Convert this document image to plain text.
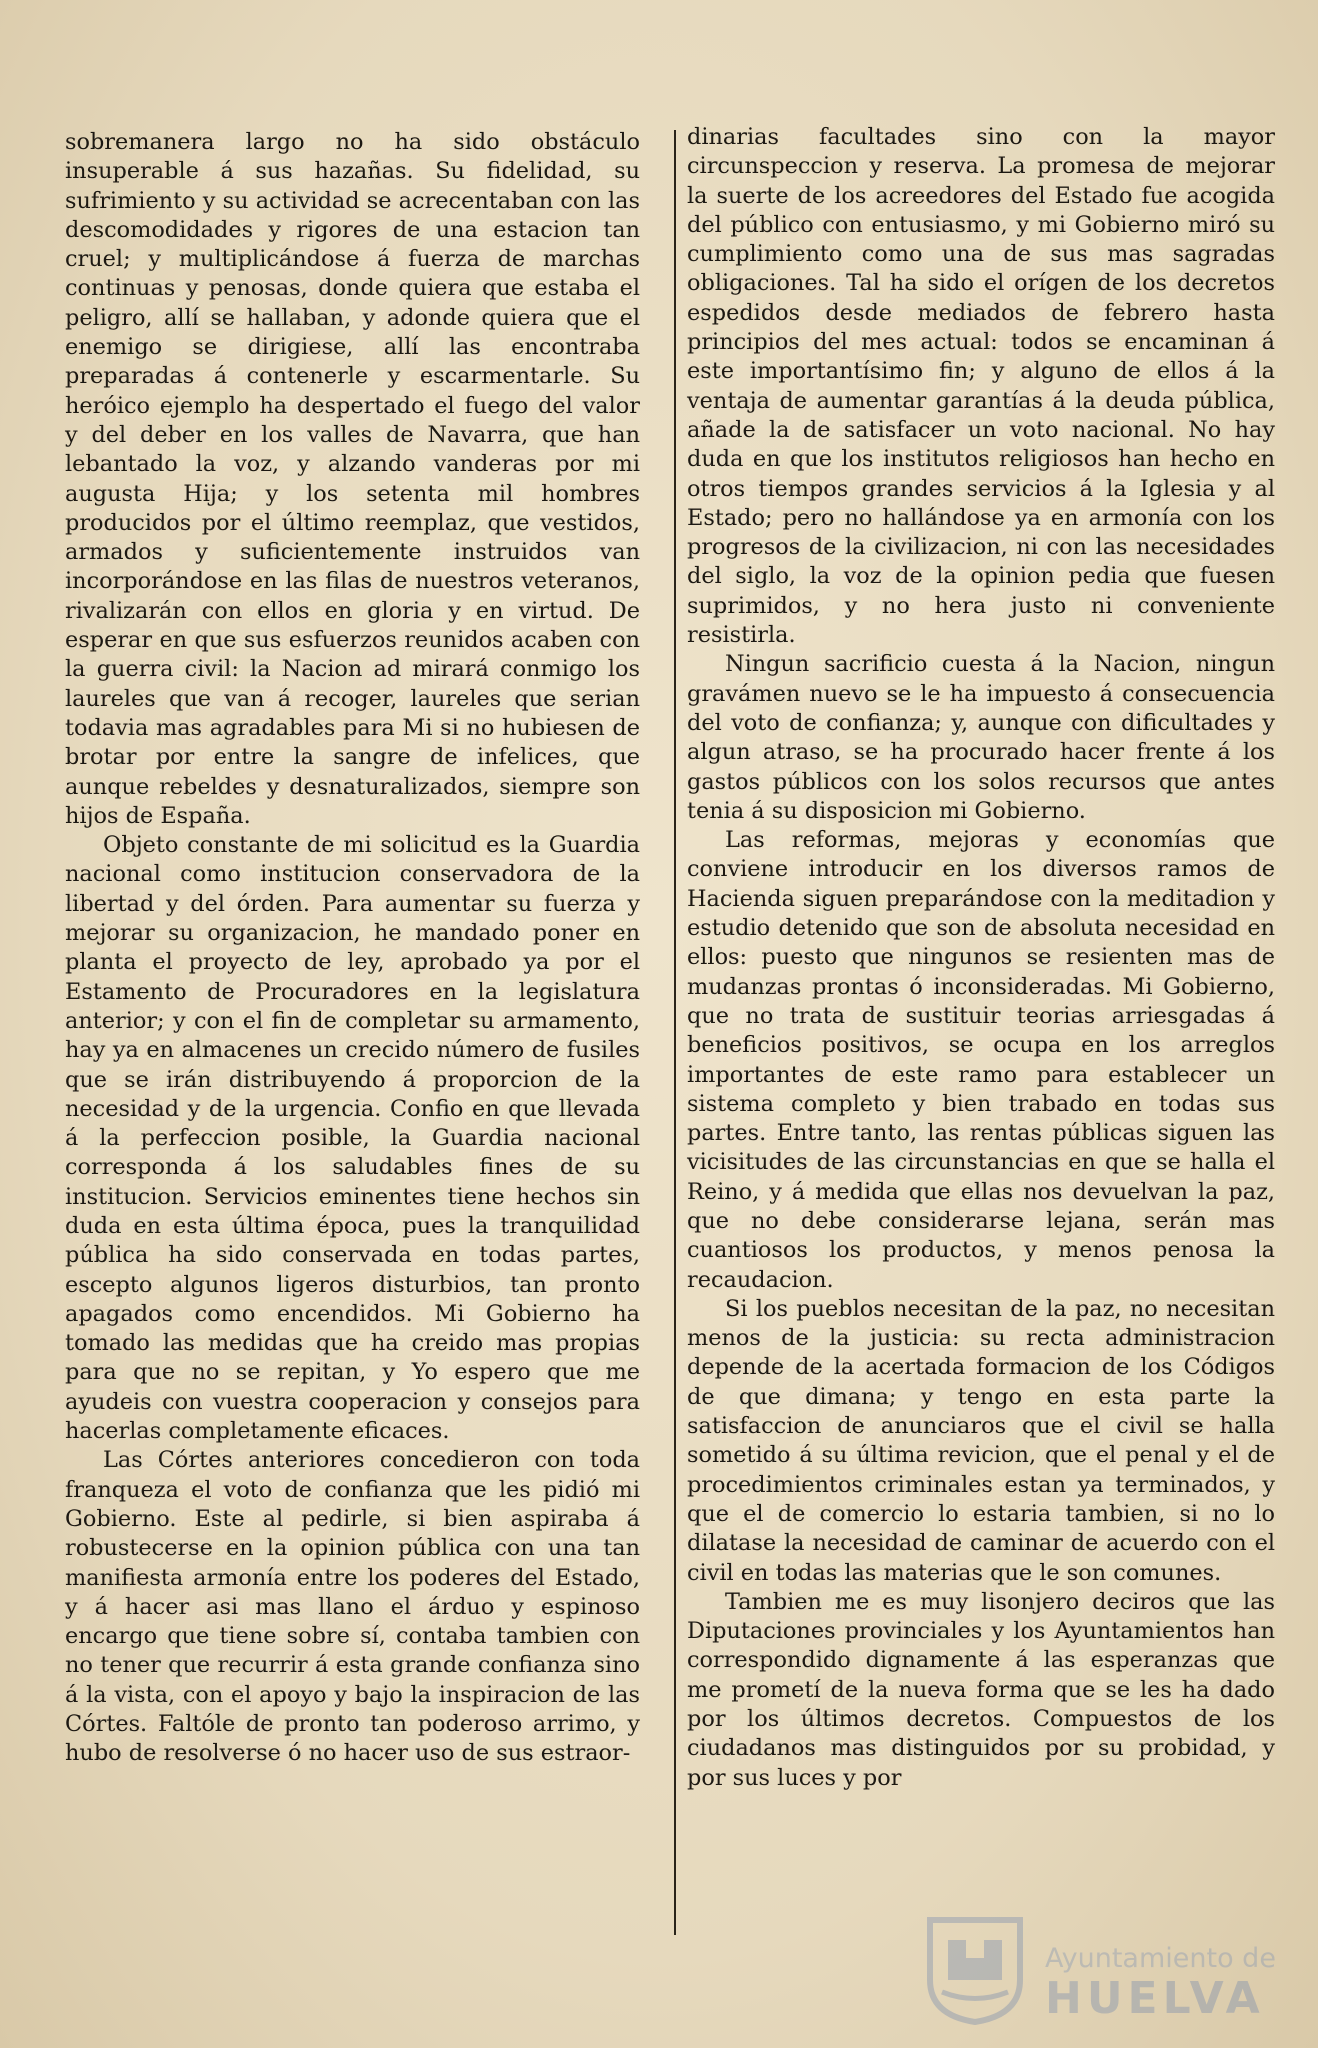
sobremanera largo no ha sido obstáculo insuperable á sus hazañas. Su fidelidad, su sufrimiento y su actividad se acrecentaban con las descomodidades y rigores de una estacion tan cruel; y multiplicándose á fuerza de marchas continuas y penosas, donde quiera que estaba el peligro, allí se hallaban, y adonde quiera que el enemigo se dirigiese, allí las encontraba preparadas á contenerle y escarmentarle. Su heróico ejemplo ha despertado el fuego del valor y del deber en los valles de Navarra, que han lebantado la voz, y alzando vanderas por mi augusta Hija; y los setenta mil hombres producidos por el último reemplaz, que vestidos, armados y suficientemente instruidos van incorporándose en las filas de nuestros veteranos, rivalizarán con ellos en gloria y en virtud. De esperar en que sus esfuerzos reunidos acaben con la guerra civil: la Nacion ad mirará conmigo los laureles que van á recoger, laureles que serian todavia mas agradables para Mi si no hubiesen de brotar por entre la sangre de infelices, que aunque rebeldes y desnaturalizados, siempre son hijos de España.

Objeto constante de mi solicitud es la Guardia nacional como institucion conservadora de la libertad y del órden. Para aumentar su fuerza y mejorar su organizacion, he mandado poner en planta el proyecto de ley, aprobado ya por el Estamento de Procuradores en la legislatura anterior; y con el fin de completar su armamento, hay ya en almacenes un crecido número de fusiles que se irán distribuyendo á proporcion de la necesidad y de la urgencia. Confio en que llevada á la perfeccion posible, la Guardia nacional corresponda á los saludables fines de su institucion. Servicios eminentes tiene hechos sin duda en esta última época, pues la tranquilidad pública ha sido conservada en todas partes, escepto algunos ligeros disturbios, tan pronto apagados como encendidos. Mi Gobierno ha tomado las medidas que ha creido mas propias para que no se repitan, y Yo espero que me ayudeis con vuestra cooperacion y consejos para hacerlas completamente eficaces.

Las Córtes anteriores concedieron con toda franqueza el voto de confianza que les pidió mi Gobierno. Este al pedirle, si bien aspiraba á robustecerse en la opinion pública con una tan manifiesta armonía entre los poderes del Estado, y á hacer asi mas llano el árduo y espinoso encargo que tiene sobre sí, contaba tambien con no tener que recurrir á esta grande confianza sino á la vista, con el apoyo y bajo la inspiracion de las Córtes. Faltóle de pronto tan poderoso arrimo, y hubo de resolverse ó no hacer uso de sus estraor-

dinarias facultades sino con la mayor circunspeccion y reserva. La promesa de mejorar la suerte de los acreedores del Estado fue acogida del público con entusiasmo, y mi Gobierno miró su cumplimiento como una de sus mas sagradas obligaciones. Tal ha sido el orígen de los decretos espedidos desde mediados de febrero hasta principios del mes actual: todos se encaminan á este importantísimo fin; y alguno de ellos á la ventaja de aumentar garantías á la deuda pública, añade la de satisfacer un voto nacional. No hay duda en que los institutos religiosos han hecho en otros tiempos grandes servicios á la Iglesia y al Estado; pero no hallándose ya en armonía con los progresos de la civilizacion, ni con las necesidades del siglo, la voz de la opinion pedia que fuesen suprimidos, y no hera justo ni conveniente resistirla.

Ningun sacrificio cuesta á la Nacion, ningun gravámen nuevo se le ha impuesto á consecuencia del voto de confianza; y, aunque con dificultades y algun atraso, se ha procurado hacer frente á los gastos públicos con los solos recursos que antes tenia á su disposicion mi Gobierno.

Las reformas, mejoras y economías que conviene introducir en los diversos ramos de Hacienda siguen preparándose con la meditadion y estudio detenido que son de absoluta necesidad en ellos: puesto que ningunos se resienten mas de mudanzas prontas ó inconsideradas. Mi Gobierno, que no trata de sustituir teorias arriesgadas á beneficios positivos, se ocupa en los arreglos importantes de este ramo para establecer un sistema completo y bien trabado en todas sus partes. Entre tanto, las rentas públicas siguen las vicisitudes de las circunstancias en que se halla el Reino, y á medida que ellas nos devuelvan la paz, que no debe considerarse lejana, serán mas cuantiosos los productos, y menos penosa la recaudacion.

Si los pueblos necesitan de la paz, no necesitan menos de la justicia: su recta administracion depende de la acertada formacion de los Códigos de que dimana; y tengo en esta parte la satisfaccion de anunciaros que el civil se halla sometido á su última revicion, que el penal y el de procedimientos criminales estan ya terminados, y que el de comercio lo estaria tambien, si no lo dilatase la necesidad de caminar de acuerdo con el civil en todas las materias que le son comunes.

Tambien me es muy lisonjero deciros que las Diputaciones provinciales y los Ayuntamientos han correspondido dignamente á las esperanzas que me prometí de la nueva forma que se les ha dado por los últimos decretos. Compuestos de los ciudadanos mas distinguidos por su probidad, y por sus luces y por

Ayuntamiento de
HUELVA
